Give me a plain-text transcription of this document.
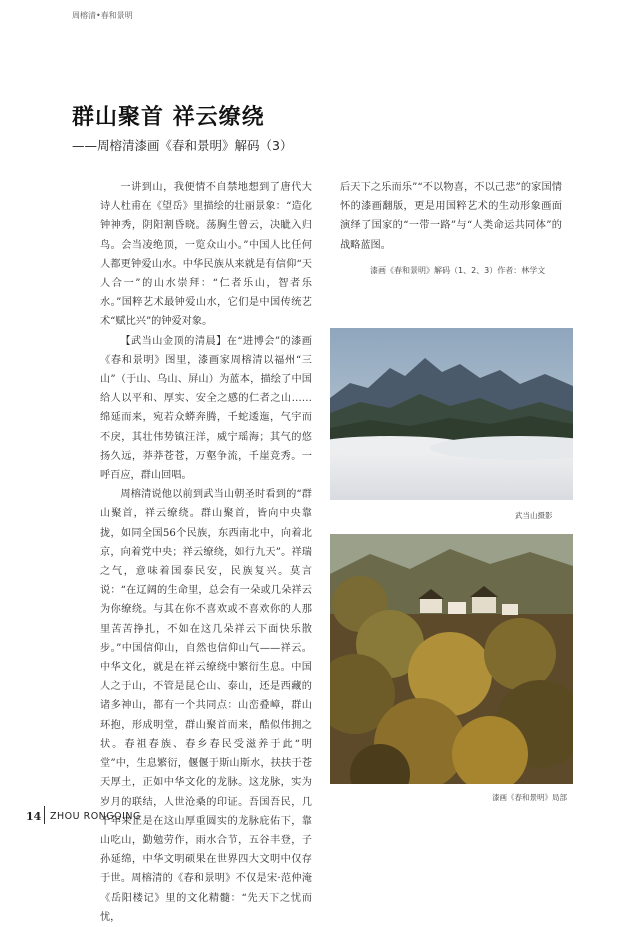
周榕清•春和景明
群山聚首 祥云缭绕
——周榕清漆画《春和景明》解码（3）

一讲到山，我便情不自禁地想到了唐代大诗人杜甫在《望岳》里描绘的壮丽景象：“造化钟神秀，阴阳割昏晓。荡胸生曾云，决眦入归鸟。会当凌绝顶，一览众山小。”中国人比任何人都更钟爱山水。中华民族从来就是有信仰“天人合一”的山水崇拜：“仁者乐山，智者乐水。”国粹艺术最钟爱山水，它们是中国传统艺术“赋比兴”的钟爱对象。

【武当山金顶的清晨】在“进博会”的漆画《春和景明》图里，漆画家周榕清以福州“三山”（于山、乌山、屏山）为蓝本，描绘了中国给人以平和、厚实、安全之感的仁者之山……绵延而来，宛若众蟒奔腾，千蛇逶迤，气宇而不戾，其壮伟势镇汪洋，威宁瑶海；其气的悠扬久远，莽莽苍苍，万壑争流，千崖竞秀。一呼百应，群山回唱。

周榕清说他以前到武当山朝圣时看到的“群山聚首，祥云缭绕。群山聚首，皆向中央靠拢，如同全国56个民族，东西南北中，向着北京，向着党中央；祥云缭绕，如行九天”。祥瑞之气，意味着国泰民安，民族复兴。莫言说：“在辽阔的生命里，总会有一朵或几朵祥云为你缭绕。与其在你不喜欢或不喜欢你的人那里苦苦挣扎，不如在这几朵祥云下面快乐散步。”中国信仰山，自然也信仰山气——祥云。中华文化，就是在祥云缭绕中繁衍生息。中国人之于山，不管是昆仑山、泰山，还是西藏的诸多神山，都有一个共同点：山峦叠嶂，群山环抱，形成明堂，群山聚首而来，酷似伟拥之状。春祖春族、春乡春民受滋养于此“明堂”中，生息繁衍，偃偃于斯山斯水，扶扶于苍天厚土，正如中华文化的龙脉。这龙脉，实为岁月的联结，人世沧桑的印证。吾国吾民，几千年来正是在这山厚重圆实的龙脉庇佑下，靠山吃山，勤勉劳作，雨水合节，五谷丰登，子孙延绵，中华文明硕果在世界四大文明中仅存于世。周榕清的《春和景明》不仅是宋·范仲淹《岳阳楼记》里的文化精髓：“先天下之忧而忧，

后天下之乐而乐”“不以物喜，不以己悲”的家国情怀的漆画翻版，更是用国粹艺术的生动形象画面演绎了国家的“一带一路”与“人类命运共同体”的战略蓝图。

漆画《春和景明》解码（1、2、3）作者：林学文
武当山摄影
漆画《春和景明》局部
14 ZHOU RONGQING
